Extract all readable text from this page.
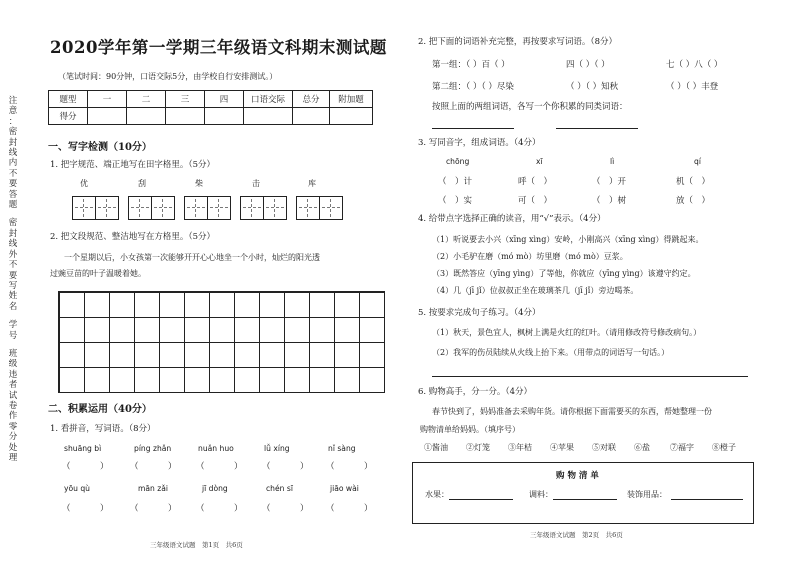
2020学年第一学期三年级语文科期末测试题
（笔试时间：90分钟，口语交际5分，由学校自行安排测试。）
注
意
：
密
封
线
内
不
要
答
题
密
封
线
外
不
要
写
姓
名
学
号
班
级
违
者
试
卷
作
零
分
处
理
题型	一	二	三	四	口语交际	总分	附加题
得分							
一、写字检测（10分）
1. 把字规范、端正地写在田字格里。（5分）
优	刮	柴	击	库
2. 把文段规范、整洁地写在方格里。（5分）
一个星期以后，小女孩第一次能够开开心心地坐一个小时，灿烂的阳光透
过豌豆苗的叶子温暖着她。
二、积累运用（40分）
1. 看拼音，写词语。（8分）
shuāng bì	píng zhǎn	nuǎn huo	lǚ xíng	nǐ sàng
（　　　） （　　　） （　　　） （　　　） （　　　）
yōu qù	mān zǎi	jī dòng	chén sī	jiāo wài
（　　　） （　　　） （　　　） （　　　） （　　　）
三年级语文试题　第1页　共6页
2. 把下面的词语补充完整，再按要求写词语。（8分）
第一组：（ ）百（ ）	四（ ）（ ）	七（ ）八（ ）
第二组：（ ）（ ）尽染	（ ）（ ）知秋	（ ）（ ）丰登
按照上面的两组词语，各写一个你积累的同类词语：
3. 写同音字，组成词语。（4分）
chōng	xī	lì	qí
（　）计	呼（　）	（　）开	机（　）
（　）实	可（　）	（　）树	放（　）
4. 给带点字选择正确的读音，用“√”表示。（4分）
（1）听说要去小兴（xīng xìng）安岭，小刚高兴（xīng xìng）得跳起来。
（2）小毛驴在磨（mó mò）坊里磨（mó mò）豆浆。
（3）既然答应（yīng yìng）了等他，你就应（yīng yìng）该遵守约定。
（4）几（jī jǐ）位叔叔正坐在玻璃茶几（jī jǐ）旁边喝茶。
5. 按要求完成句子练习。（4分）
（1）秋天，景色宜人，枫树上满是火红的红叶。（请用修改符号修改病句。）
（2）我军的伤员陆续从火线上抬下来。（用带点的词语写一句话。）
6. 购物高手，分一分。（4分）
春节快到了，妈妈准备去采购年货。请你根据下面需要买的东西，帮她整理一份
购物清单给妈妈。（填序号）
①酱油 ②灯笼 ③年桔 ④苹果 ⑤对联 ⑥盐	⑦福字 ⑧橙子
购 物 清 单
水果：	调料：	装饰用品：
三年级语文试题　第2页　共6页
